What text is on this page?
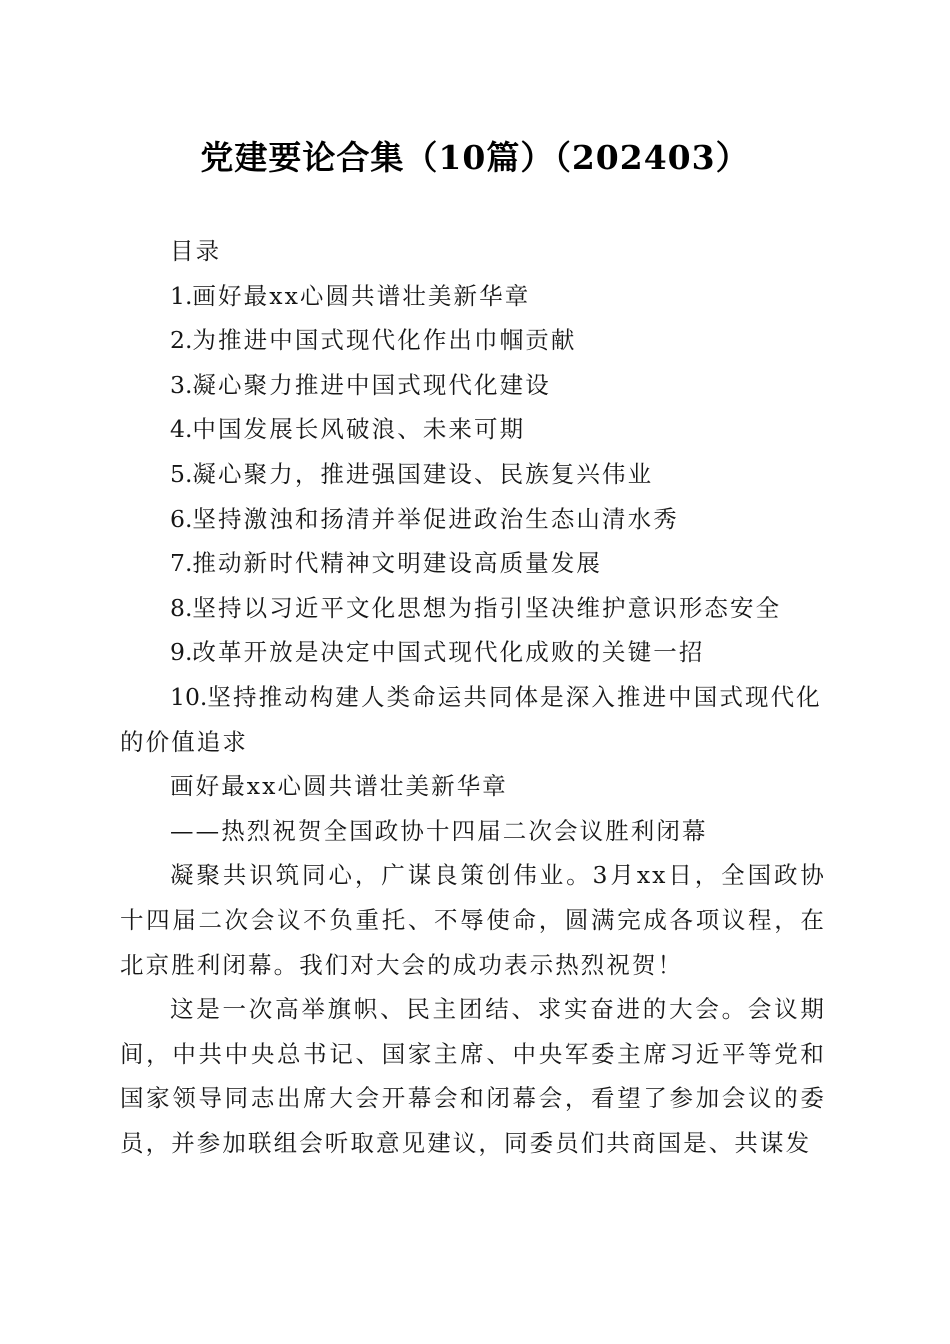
党建要论合集（10篇）（202403）

目录

1.画好最xx心圆共谱壮美新华章
2.为推进中国式现代化作出巾帼贡献
3.凝心聚力推进中国式现代化建设
4.中国发展长风破浪、未来可期
5.凝心聚力，推进强国建设、民族复兴伟业
6.坚持激浊和扬清并举促进政治生态山清水秀
7.推动新时代精神文明建设高质量发展
8.坚持以习近平文化思想为指引坚决维护意识形态安全
9.改革开放是决定中国式现代化成败的关键一招
10.坚持推动构建人类命运共同体是深入推进中国式现代化的价值追求

画好最xx心圆共谱壮美新华章

——热烈祝贺全国政协十四届二次会议胜利闭幕

凝聚共识筑同心，广谋良策创伟业。3月xx日，全国政协十四届二次会议不负重托、不辱使命，圆满完成各项议程，在北京胜利闭幕。我们对大会的成功表示热烈祝贺！

这是一次高举旗帜、民主团结、求实奋进的大会。会议期间，中共中央总书记、国家主席、中央军委主席习近平等党和国家领导同志出席大会开幕会和闭幕会，看望了参加会议的委员，并参加联组会听取意见建议，同委员们共商国是、共谋发
